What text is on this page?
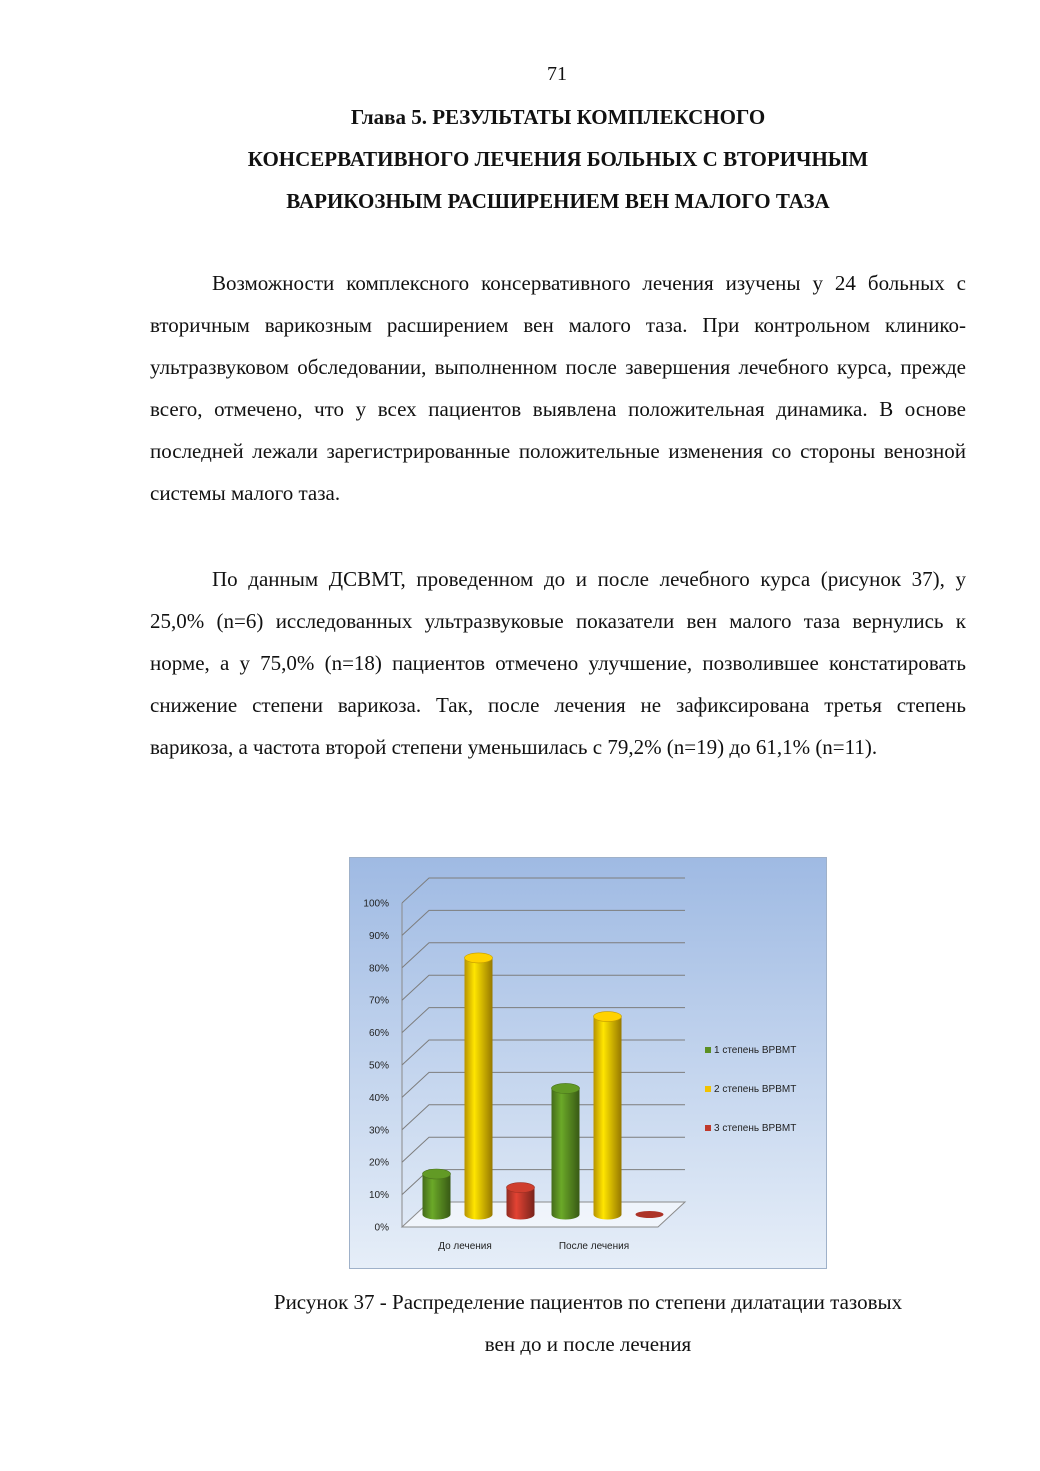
71
Глава 5. РЕЗУЛЬТАТЫ КОМПЛЕКСНОГО
КОНСЕРВАТИВНОГО ЛЕЧЕНИЯ БОЛЬНЫХ С ВТОРИЧНЫМ
ВАРИКОЗНЫМ РАСШИРЕНИЕМ ВЕН МАЛОГО ТАЗА

Возможности комплексного консервативного лечения изучены у 24 больных с вторичным варикозным расширением вен малого таза. При контрольном клинико-ультразвуковом обследовании, выполненном после завершения лечебного курса, прежде всего, отмечено, что у всех пациентов выявлена положительная динамика. В основе последней лежали зарегистрированные положительные изменения со стороны венозной системы малого таза.

По данным ДСВМТ, проведенном до и после лечебного курса (рисунок 37), у 25,0% (n=6) исследованных ультразвуковые показатели вен малого таза вернулись к норме, а у 75,0% (n=18) пациентов отмечено улучшение, позволившее констатировать снижение степени варикоза. Так, после лечения не зафиксирована третья степень варикоза, а частота второй степени уменьшилась с 79,2% (n=19) до 61,1% (n=11).

0%
10%
20%
30%
40%
50%
60%
70%
80%
90%
100%
До лечения	После лечения
1 степень ВРВМТ
2 степень ВРВМТ
3 степень ВРВМТ
Рисунок 37 - Распределение пациентов по степени дилатации тазовых
вен до и после лечения
